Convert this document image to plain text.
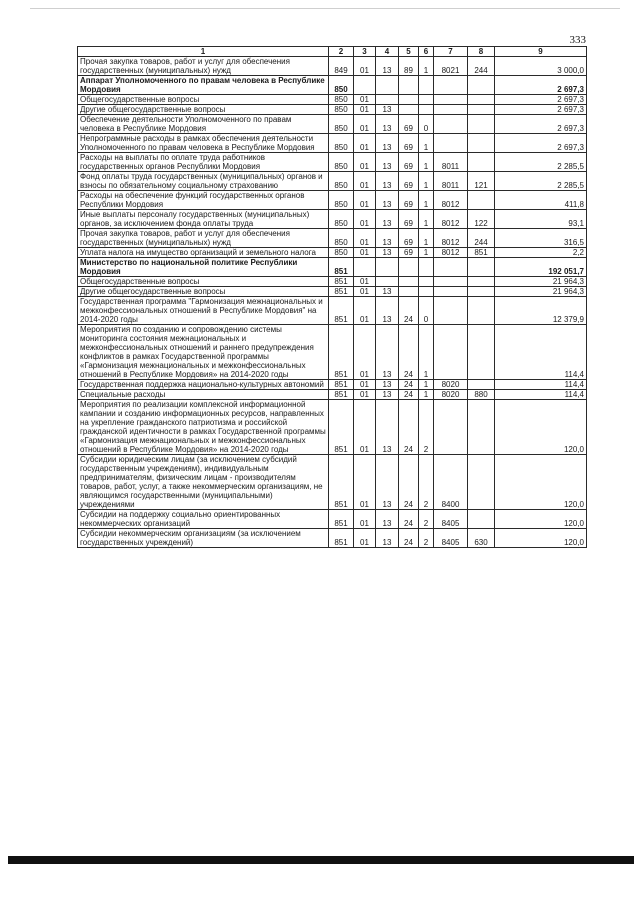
333
1	2	3	4	5	6	7	8	9
Прочая закупка товаров, работ и услуг для обеспечения государственных (муниципальных) нужд	849	01	13	89	1	8021	244	3 000,0
Аппарат Уполномоченного по правам человека в Республике Мордовия	850							2 697,3
Общегосударственные вопросы	850	01						2 697,3
Другие общегосударственные вопросы	850	01	13					2 697,3
Обеспечение деятельности Уполномоченного по правам человека в Республике Мордовия	850	01	13	69	0			2 697,3
Непрограммные расходы в рамках обеспечения деятельности Уполномоченного по правам человека в Республике Мордовия	850	01	13	69	1			2 697,3
Расходы на выплаты по оплате труда работников государственных органов Республики Мордовия	850	01	13	69	1	8011		2 285,5
Фонд оплаты труда государственных (муниципальных) органов и взносы по обязательному социальному страхованию	850	01	13	69	1	8011	121	2 285,5
Расходы на обеспечение функций государственных органов Республики Мордовия	850	01	13	69	1	8012		411,8
Иные выплаты персоналу государственных (муниципальных) органов, за исключением фонда оплаты труда	850	01	13	69	1	8012	122	93,1
Прочая закупка товаров, работ и услуг для обеспечения государственных (муниципальных) нужд	850	01	13	69	1	8012	244	316,5
Уплата налога на имущество организаций и земельного налога	850	01	13	69	1	8012	851	2,2
Министерство по национальной политике Республики Мордовия	851							192 051,7
Общегосударственные вопросы	851	01						21 964,3
Другие общегосударственные вопросы	851	01	13					21 964,3
Государственная программа "Гармонизация межнациональных и межконфессиональных отношений в Республике Мордовия" на 2014-2020 годы	851	01	13	24	0			12 379,9
Мероприятия по созданию и сопровождению системы мониторинга состояния межнациональных и межконфессиональных отношений и раннего предупреждения конфликтов в рамках Государственной программы «Гармонизация межнациональных и межконфессиональных отношений в Республике Мордовия» на 2014-2020 годы	851	01	13	24	1			114,4
Государственная поддержка национально-культурных автономий	851	01	13	24	1	8020		114,4
Специальные расходы	851	01	13	24	1	8020	880	114,4
Мероприятия по реализации комплексной информационной кампании и созданию информационных ресурсов, направленных на укрепление гражданского патриотизма и российской гражданской идентичности в рамках Государственной программы «Гармонизация межнациональных и межконфессиональных отношений в Республике Мордовия» на 2014-2020 годы	851	01	13	24	2			120,0
Субсидии юридическим лицам (за исключением субсидий государственным учреждениям), индивидуальным предпринимателям, физическим лицам - производителям товаров, работ, услуг, а также некоммерческим организациям, не являющимся государственными (муниципальными) учреждениями	851	01	13	24	2	8400		120,0
Субсидии на поддержку социально ориентированных некоммерческих организаций	851	01	13	24	2	8405		120,0
Субсидии некоммерческим организациям (за исключением государственных учреждений)	851	01	13	24	2	8405	630	120,0
